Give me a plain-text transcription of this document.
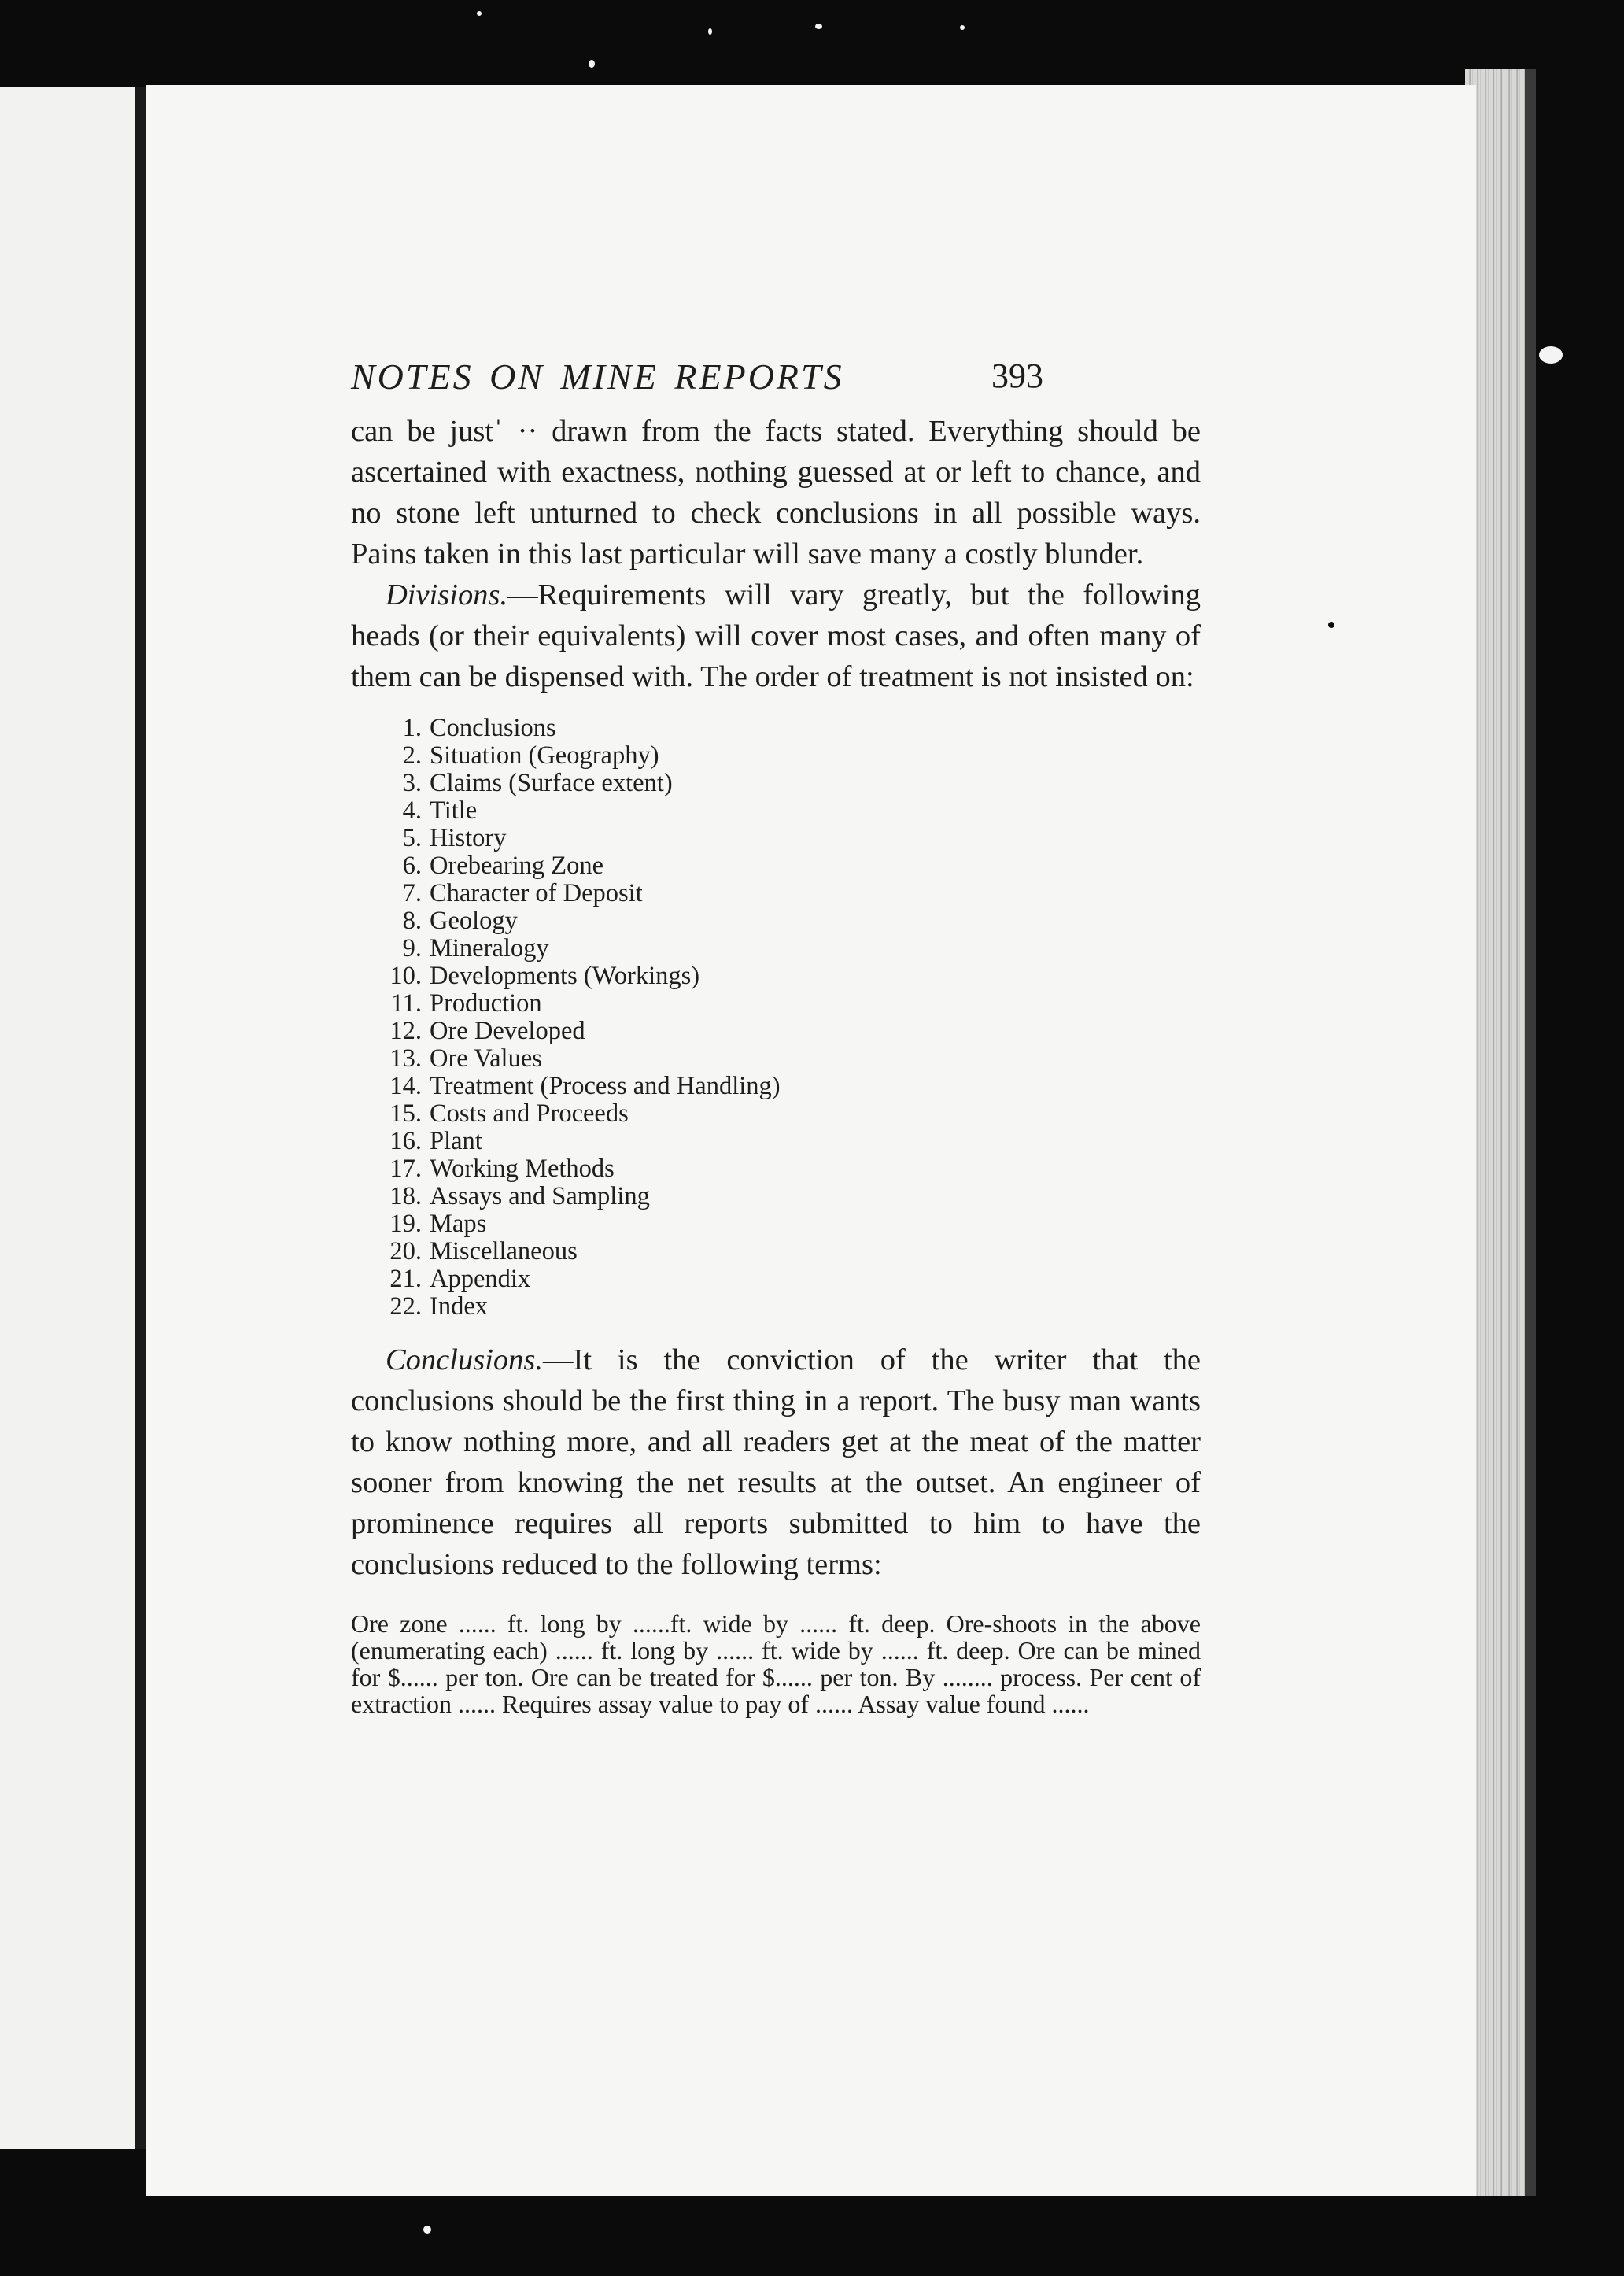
NOTES ON MINE REPORTS	393

can be justˈ ·· drawn from the facts stated. Everything should be ascertained with exactness, nothing guessed at or left to chance, and no stone left unturned to check conclusions in all possible ways. Pains taken in this last particular will save many a costly blunder.

Divisions.—Requirements will vary greatly, but the following heads (or their equivalents) will cover most cases, and often many of them can be dispensed with. The order of treatment is not insisted on:

1. Conclusions
2. Situation (Geography)
3. Claims (Surface extent)
4. Title
5. History
6. Orebearing Zone
7. Character of Deposit
8. Geology
9. Mineralogy
10. Developments (Workings)
11. Production
12. Ore Developed
13. Ore Values
14. Treatment (Process and Handling)
15. Costs and Proceeds
16. Plant
17. Working Methods
18. Assays and Sampling
19. Maps
20. Miscellaneous
21. Appendix
22. Index

Conclusions.—It is the conviction of the writer that the conclusions should be the first thing in a report. The busy man wants to know nothing more, and all readers get at the meat of the matter sooner from knowing the net results at the outset. An engineer of prominence requires all reports submitted to him to have the conclusions reduced to the following terms:

Ore zone ...... ft. long by ......ft. wide by ...... ft. deep. Ore-shoots in the above (enumerating each) ...... ft. long by ...... ft. wide by ...... ft. deep. Ore can be mined for $...... per ton. Ore can be treated for $...... per ton. By ........ process. Per cent of extraction ...... Requires assay value to pay of ...... Assay value found ......
